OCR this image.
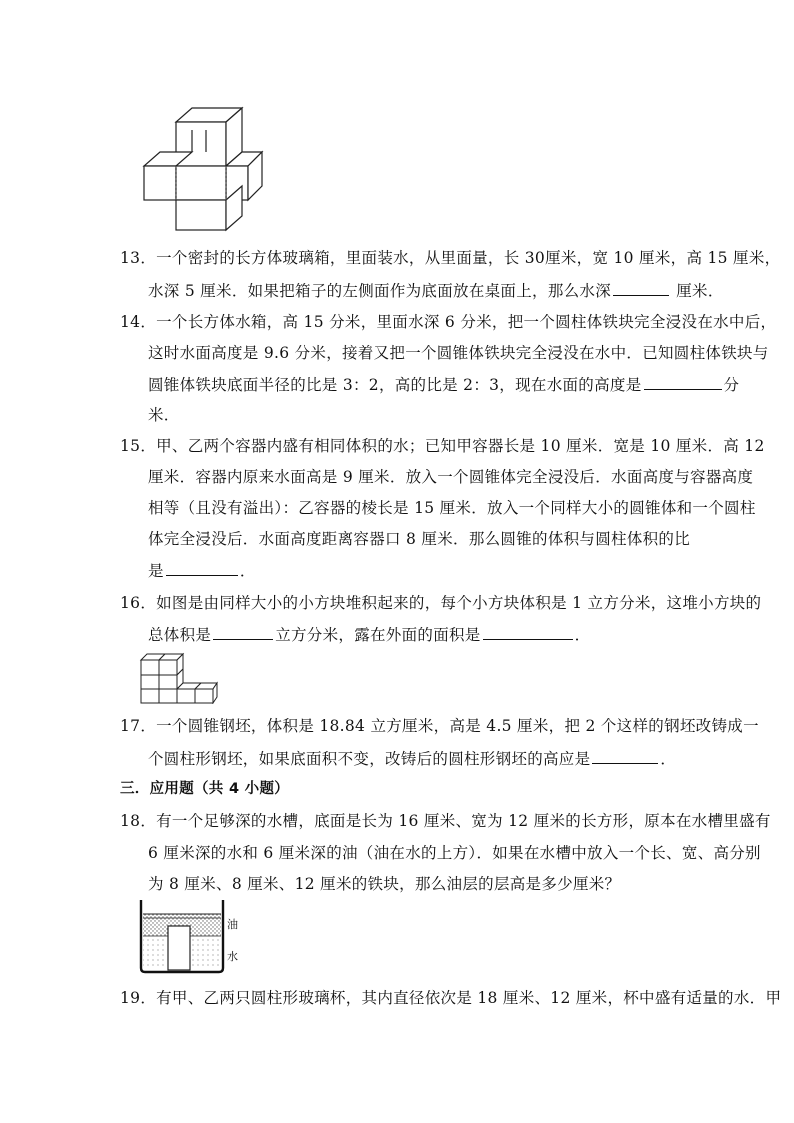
13．一个密封的长方体玻璃箱，里面装水，从里面量，长 30厘米，宽 10 厘米，高 15 厘米，
水深 5 厘米．如果把箱子的左侧面作为底面放在桌面上，那么水深	厘米．
14．一个长方体水箱，高 15 分米，里面水深 6 分米，把一个圆柱体铁块完全浸没在水中后，
这时水面高度是 9.6 分米，接着又把一个圆锥体铁块完全浸没在水中．已知圆柱体铁块与
圆锥体铁块底面半径的比是 3：2，高的比是 2：3，现在水面的高度是	分
米．
15．甲、乙两个容器内盛有相同体积的水；已知甲容器长是 10 厘米．宽是 10 厘米．高 12
厘米．容器内原来水面高是 9 厘米．放入一个圆锥体完全浸没后．水面高度与容器高度
相等（且没有溢出）：乙容器的棱长是 15 厘米．放入一个同样大小的圆锥体和一个圆柱
体完全浸没后．水面高度距离容器口 8 厘米．那么圆锥的体积与圆柱体积的比
是	．
16．如图是由同样大小的小方块堆积起来的，每个小方块体积是 1 立方分米，这堆小方块的
总体积是	立方分米，露在外面的面积是	．
17．一个圆锥钢坯，体积是 18.84 立方厘米，高是 4.5 厘米，把 2 个这样的钢坯改铸成一
个圆柱形钢坯，如果底面积不变，改铸后的圆柱形钢坯的高应是	．
三．应用题（共 4 小题）
18．有一个足够深的水槽，底面是长为 16 厘米、宽为 12 厘米的长方形，原本在水槽里盛有
6 厘米深的水和 6 厘米深的油（油在水的上方）．如果在水槽中放入一个长、宽、高分别
为 8 厘米、8 厘米、12 厘米的铁块，那么油层的层高是多少厘米？
油
水
19．有甲、乙两只圆柱形玻璃杯，其内直径依次是 18 厘米、12 厘米，杯中盛有适量的水．甲
